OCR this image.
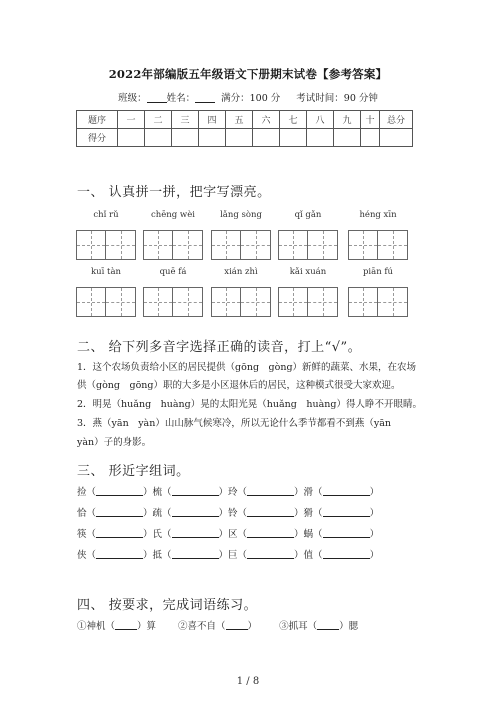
2022年部编版五年级语文下册期末试卷【参考答案】
班级： 姓名：	满分：100 分 考试时间：90 分钟
题序	一	二	三	四	五	六	七	八	九	十	总分
得分											
一、 认真拼一拼，把字写漂亮。
chǐ rǔ	chēng wèi	lǎng sòng	qǐ gǎn	héng xīn
kuī tàn	quē fá	xián zhì	kǎi xuán	piān fú
二、 给下列多音字选择正确的读音，打上“√”。
1．这个农场负责给小区的居民提供（gōng　gòng）新鲜的蔬菜、水果，在农场
供（gòng　gōng）职的大多是小区退休后的居民，这种模式很受大家欢迎。
2．明晃（huǎng　huàng）晃的太阳光晃（huǎng　huàng）得人睁不开眼睛。
3．燕（yān　yàn）山山脉气候寒冷，所以无论什么季节都看不到燕（yān
yàn）子的身影。
三、 形近字组词。
捡（	）梳（	）玲（	）滑（	）
恰（	）疏（	）铃（	）猾（	）
筷（	）氏（	）区（	）蜗（	）
侠（	）抵（	）巨（	）值（	）
四、 按要求，完成词语练习。
①神机（ ）算 ②喜不自（ ） ③抓耳（ ）腮
1 / 8
